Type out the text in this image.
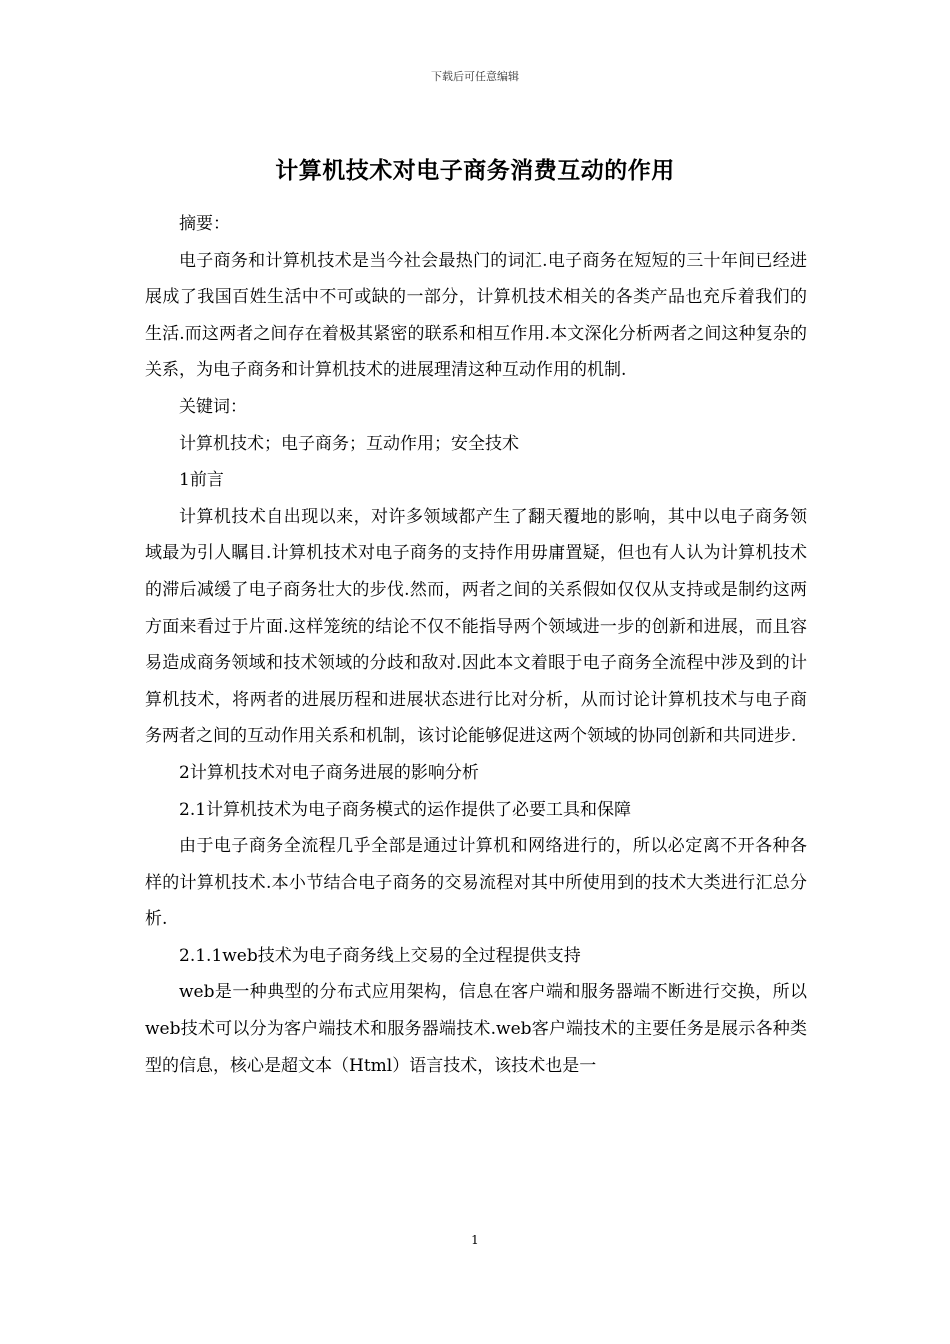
下载后可任意编辑
计算机技术对电子商务消费互动的作用

摘要：

电子商务和计算机技术是当今社会最热门的词汇.电子商务在短短的三十年间已经进展成了我国百姓生活中不可或缺的一部分，计算机技术相关的各类产品也充斥着我们的生活.而这两者之间存在着极其紧密的联系和相互作用.本文深化分析两者之间这种复杂的关系，为电子商务和计算机技术的进展理清这种互动作用的机制.

关键词：

计算机技术；电子商务；互动作用；安全技术

1前言

计算机技术自出现以来，对许多领域都产生了翻天覆地的影响，其中以电子商务领域最为引人瞩目.计算机技术对电子商务的支持作用毋庸置疑，但也有人认为计算机技术的滞后减缓了电子商务壮大的步伐.然而，两者之间的关系假如仅仅从支持或是制约这两方面来看过于片面.这样笼统的结论不仅不能指导两个领域进一步的创新和进展，而且容易造成商务领域和技术领域的分歧和敌对.因此本文着眼于电子商务全流程中涉及到的计算机技术，将两者的进展历程和进展状态进行比对分析，从而讨论计算机技术与电子商务两者之间的互动作用关系和机制，该讨论能够促进这两个领域的协同创新和共同进步.

2计算机技术对电子商务进展的影响分析

2.1计算机技术为电子商务模式的运作提供了必要工具和保障

由于电子商务全流程几乎全部是通过计算机和网络进行的，所以必定离不开各种各样的计算机技术.本小节结合电子商务的交易流程对其中所使用到的技术大类进行汇总分析.

2.1.1web技术为电子商务线上交易的全过程提供支持

web是一种典型的分布式应用架构，信息在客户端和服务器端不断进行交换，所以web技术可以分为客户端技术和服务器端技术.web客户端技术的主要任务是展示各种类型的信息，核心是超文本（Html）语言技术，该技术也是一

1
